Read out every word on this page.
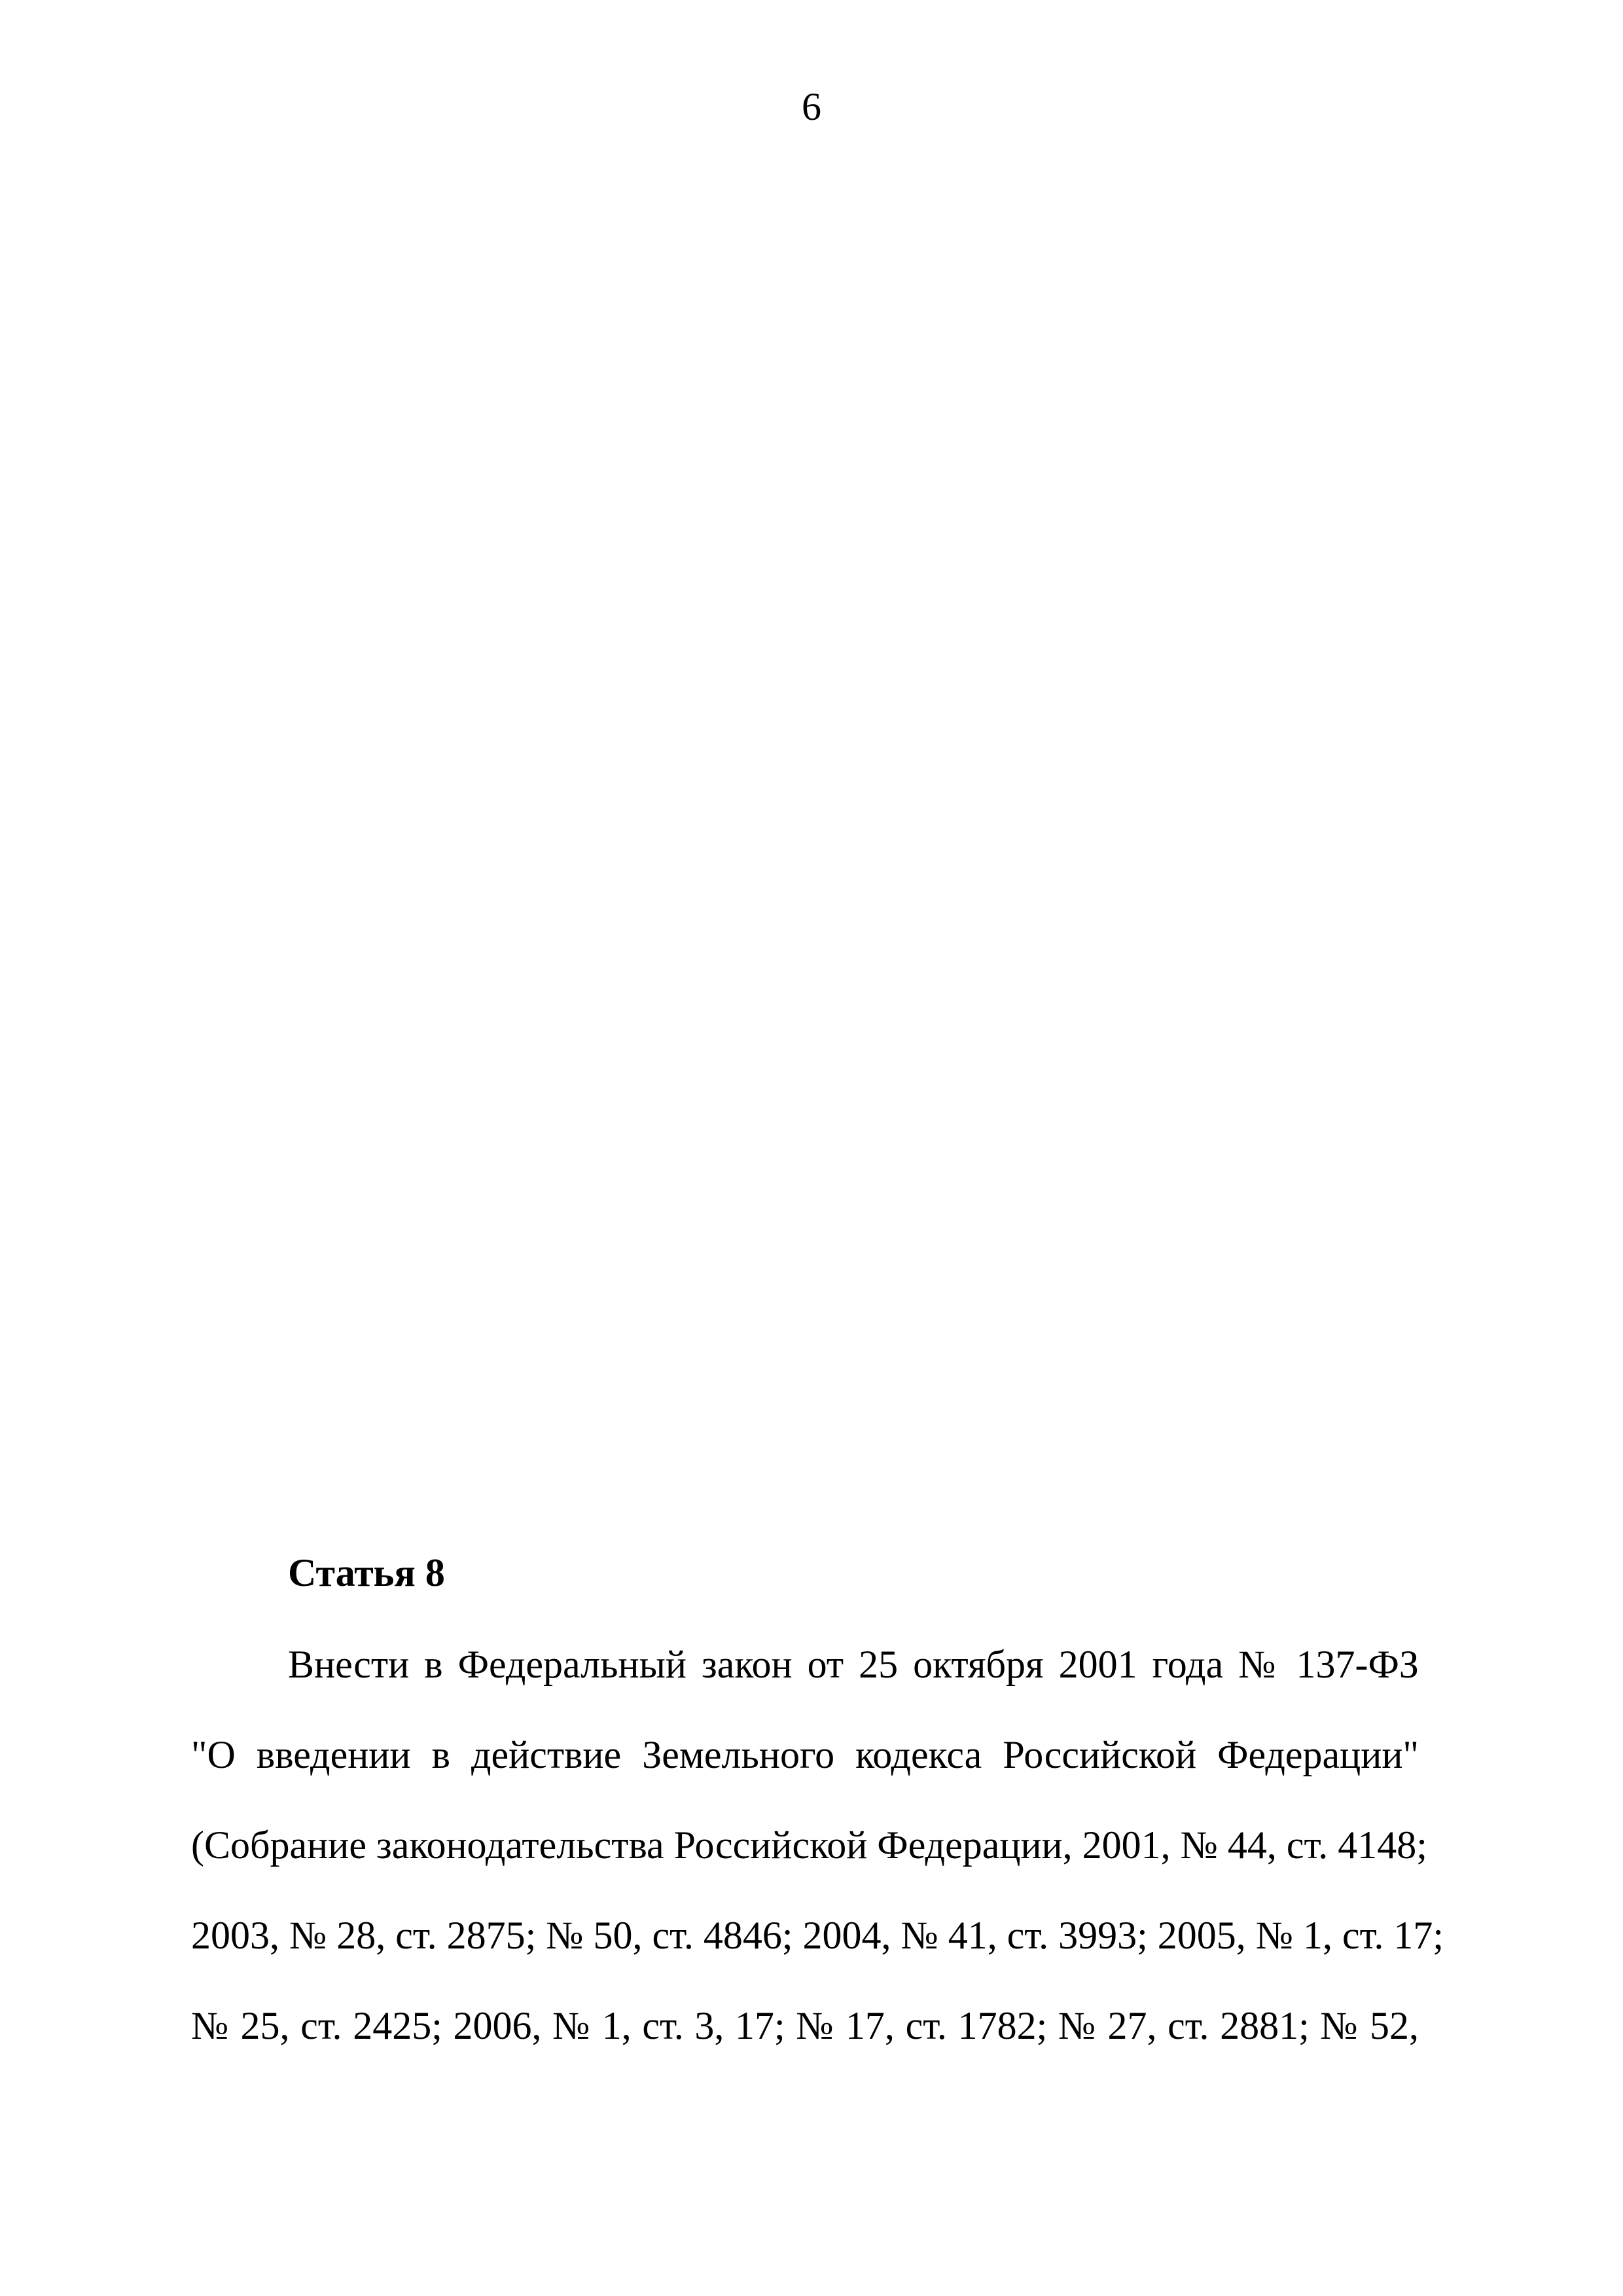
6
Статья 8
Внести в Федеральный закон от 25 октября 2001 года № 137-ФЗ
"О введении в действие Земельного кодекса Российской Федерации"
(Собрание законодательства Российской Федерации, 2001, № 44, ст. 4148;
2003, № 28, ст. 2875; № 50, ст. 4846; 2004, № 41, ст. 3993; 2005, № 1, ст. 17;
№ 25, ст. 2425; 2006, № 1, ст. 3, 17; № 17, ст. 1782; № 27, ст. 2881; № 52,
